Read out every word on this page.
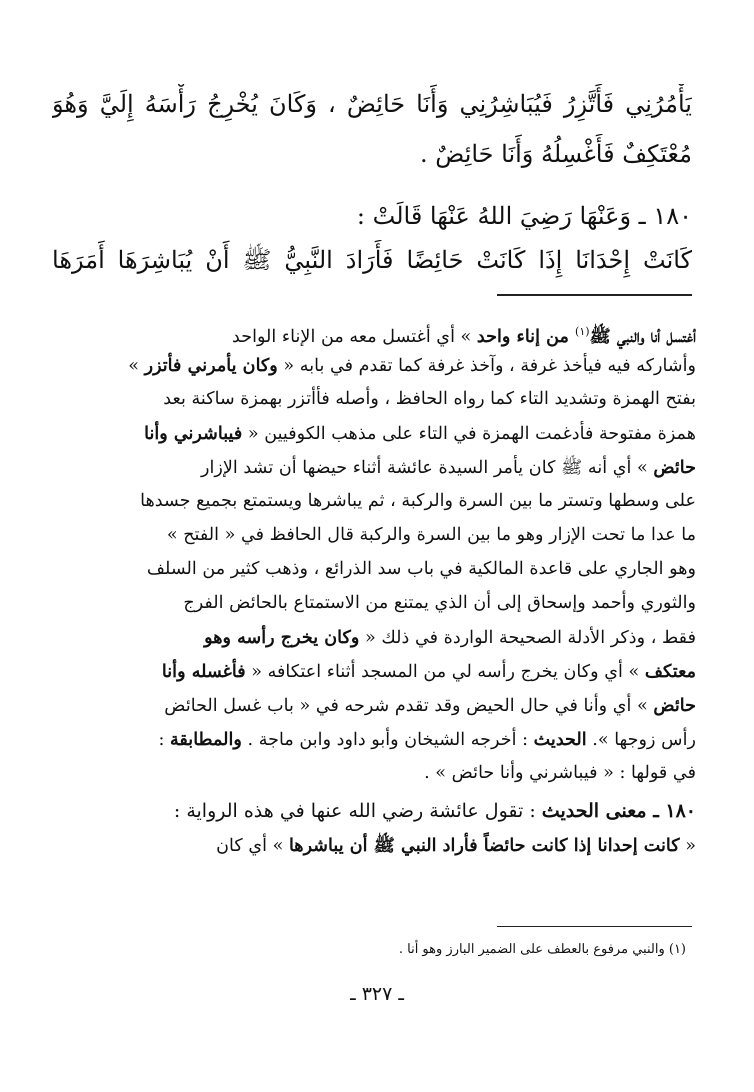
يَأْمُرُنِي فَأَتَّزِرُ فَيُبَاشِرُنِي وَأَنَا حَائِضٌ ، وَكَانَ يُخْرِجُ رَأْسَهُ إِلَيَّ وَهُوَ
مُعْتَكِفٌ فَأَغْسِلُهُ وَأَنَا حَائِضٌ .
١٨٠ ـ وَعَنْهَا رَضِيَ اللهُ عَنْهَا قَالَتْ :
كَانَتْ إِحْدَانَا إِذَا كَانَتْ حَائِضًا فَأَرَادَ النَّبِيُّ ﷺ أَنْ يُبَاشِرَهَا أَمَرَهَا
أغتسل أنا والنبي ﷺ$^{(١)}$ من إناء واحد » أي أغتسل معه من الإناء الواحد
وأشاركه فيه فيأخذ غرفة ، وآخذ غرفة كما تقدم في بابه « وكان يأمرني فأتزر »
بفتح الهمزة وتشديد التاء كما رواه الحافظ ، وأصله فأأتزر بهمزة ساكنة بعد
همزة مفتوحة فأدغمت الهمزة في التاء على مذهب الكوفيين « فيباشرني وأنا
حائض » أي أنه ﷺ كان يأمر السيدة عائشة أثناء حيضها أن تشد الإزار
على وسطها وتستر ما بين السرة والركبة ، ثم يباشرها ويستمتع بجميع جسدها
ما عدا ما تحت الإزار وهو ما بين السرة والركبة قال الحافظ في « الفتح »
وهو الجاري على قاعدة المالكية في باب سد الذرائع ، وذهب كثير من السلف
والثوري وأحمد وإسحاق إلى أن الذي يمتنع من الاستمتاع بالحائض الفرج
فقط ، وذكر الأدلة الصحيحة الواردة في ذلك « وكان يخرج رأسه وهو
معتكف » أي وكان يخرج رأسه لي من المسجد أثناء اعتكافه « فأغسله وأنا
حائض » أي وأنا في حال الحيض وقد تقدم شرحه في « باب غسل الحائض
رأس زوجها ». الحديث : أخرجه الشيخان وأبو داود وابن ماجة . والمطابقة :
في قولها : « فيباشرني وأنا حائض » .
١٨٠ ـ معنى الحديث : تقول عائشة رضي الله عنها في هذه الرواية :
« كانت إحدانا إذا كانت حائضاً فأراد النبي ﷺ أن يباشرها » أي كان
(١) والنبي مرفوع بالعطف على الضمير البارز وهو أنا .
ـ ٣٢٧ ـ
